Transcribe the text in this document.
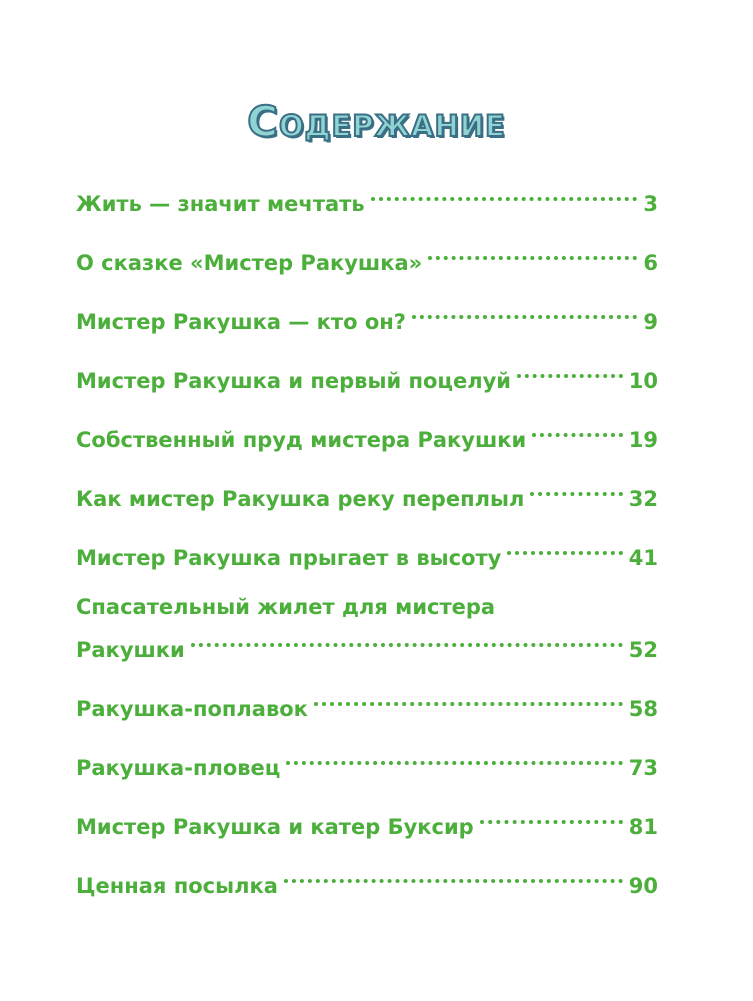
Содержание
Жить — значит мечтать	3
О сказке «Мистер Ракушка»	6
Мистер Ракушка — кто он?	9
Мистер Ракушка и первый поцелуй	10
Собственный пруд мистера Ракушки	19
Как мистер Ракушка реку переплыл	32
Мистер Ракушка прыгает в высоту	41
Спасательный жилет для мистера
Ракушки	52
Ракушка-поплавок	58
Ракушка-пловец	73
Мистер Ракушка и катер Буксир	81
Ценная посылка	90
